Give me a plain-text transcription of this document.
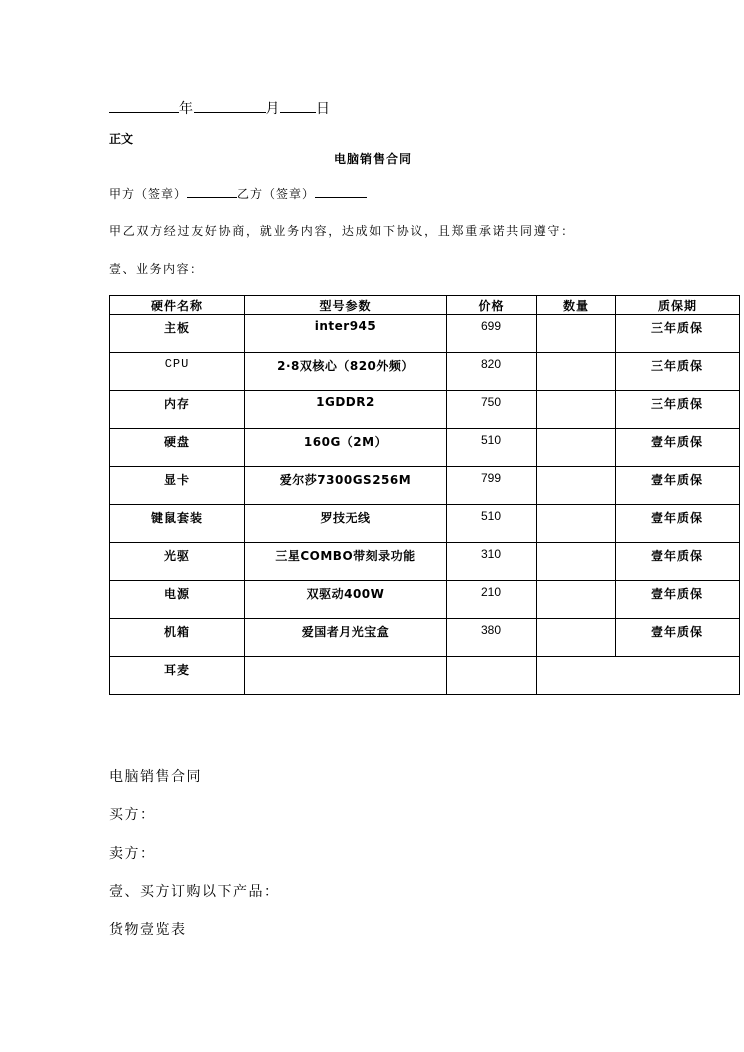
年	月	日
正文
电脑销售合同
甲方（签章）	乙方（签章）
甲乙双方经过友好协商，就业务内容，达成如下协议，且郑重承诺共同遵守：
壹、业务内容：
硬件名称	型号参数	价格	数量	质保期
主板	inter945	699		三年质保
CPU	2·8双核心（820外频）	820		三年质保
内存	1GDDR2	750		三年质保
硬盘	160G（2M）	510		壹年质保
显卡	爱尔莎7300GS256M	799		壹年质保
键鼠套装	罗技无线	510		壹年质保
光驱	三星COMBO带刻录功能	310		壹年质保
电源	双驱动400W	210		壹年质保
机箱	爱国者月光宝盒	380		壹年质保
耳麦				
电脑销售合同
买方：
卖方：
壹、买方订购以下产品：
货物壹览表
